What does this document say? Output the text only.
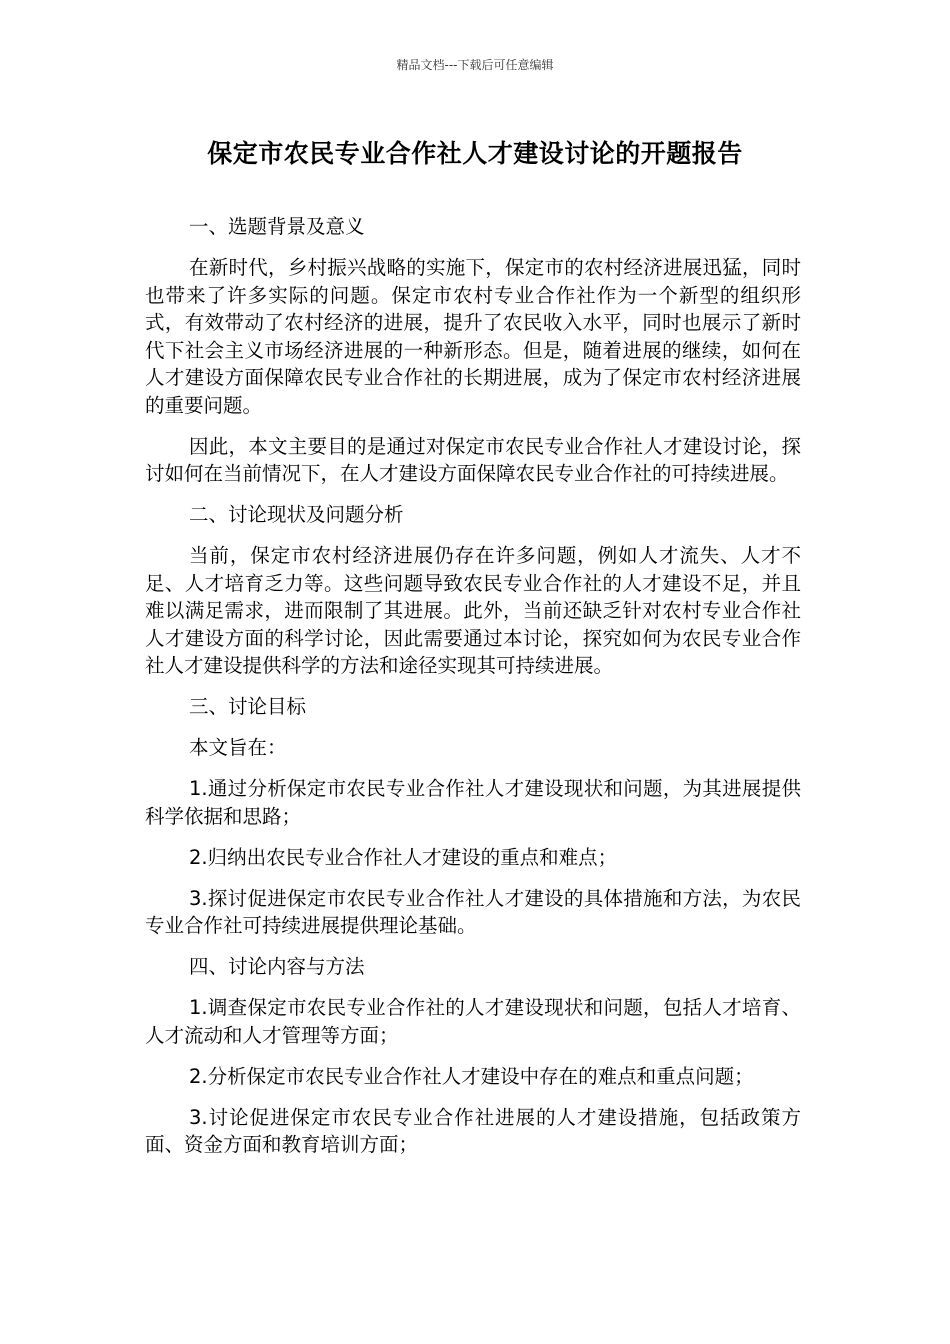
精品文档---下载后可任意编辑
保定市农民专业合作社人才建设讨论的开题报告

一、选题背景及意义

在新时代，乡村振兴战略的实施下，保定市的农村经济进展迅猛，同时也带来了许多实际的问题。保定市农村专业合作社作为一个新型的组织形式，有效带动了农村经济的进展，提升了农民收入水平，同时也展示了新时代下社会主义市场经济进展的一种新形态。但是，随着进展的继续，如何在人才建设方面保障农民专业合作社的长期进展，成为了保定市农村经济进展的重要问题。

因此，本文主要目的是通过对保定市农民专业合作社人才建设讨论，探讨如何在当前情况下，在人才建设方面保障农民专业合作社的可持续进展。

二、讨论现状及问题分析

当前，保定市农村经济进展仍存在许多问题，例如人才流失、人才不足、人才培育乏力等。这些问题导致农民专业合作社的人才建设不足，并且难以满足需求，进而限制了其进展。此外，当前还缺乏针对农村专业合作社人才建设方面的科学讨论，因此需要通过本讨论，探究如何为农民专业合作社人才建设提供科学的方法和途径实现其可持续进展。

三、讨论目标

本文旨在：

1.通过分析保定市农民专业合作社人才建设现状和问题，为其进展提供科学依据和思路；

2.归纳出农民专业合作社人才建设的重点和难点；

3.探讨促进保定市农民专业合作社人才建设的具体措施和方法，为农民专业合作社可持续进展提供理论基础。

四、讨论内容与方法

1.调查保定市农民专业合作社的人才建设现状和问题，包括人才培育、人才流动和人才管理等方面；

2.分析保定市农民专业合作社人才建设中存在的难点和重点问题；

3.讨论促进保定市农民专业合作社进展的人才建设措施，包括政策方面、资金方面和教育培训方面；
